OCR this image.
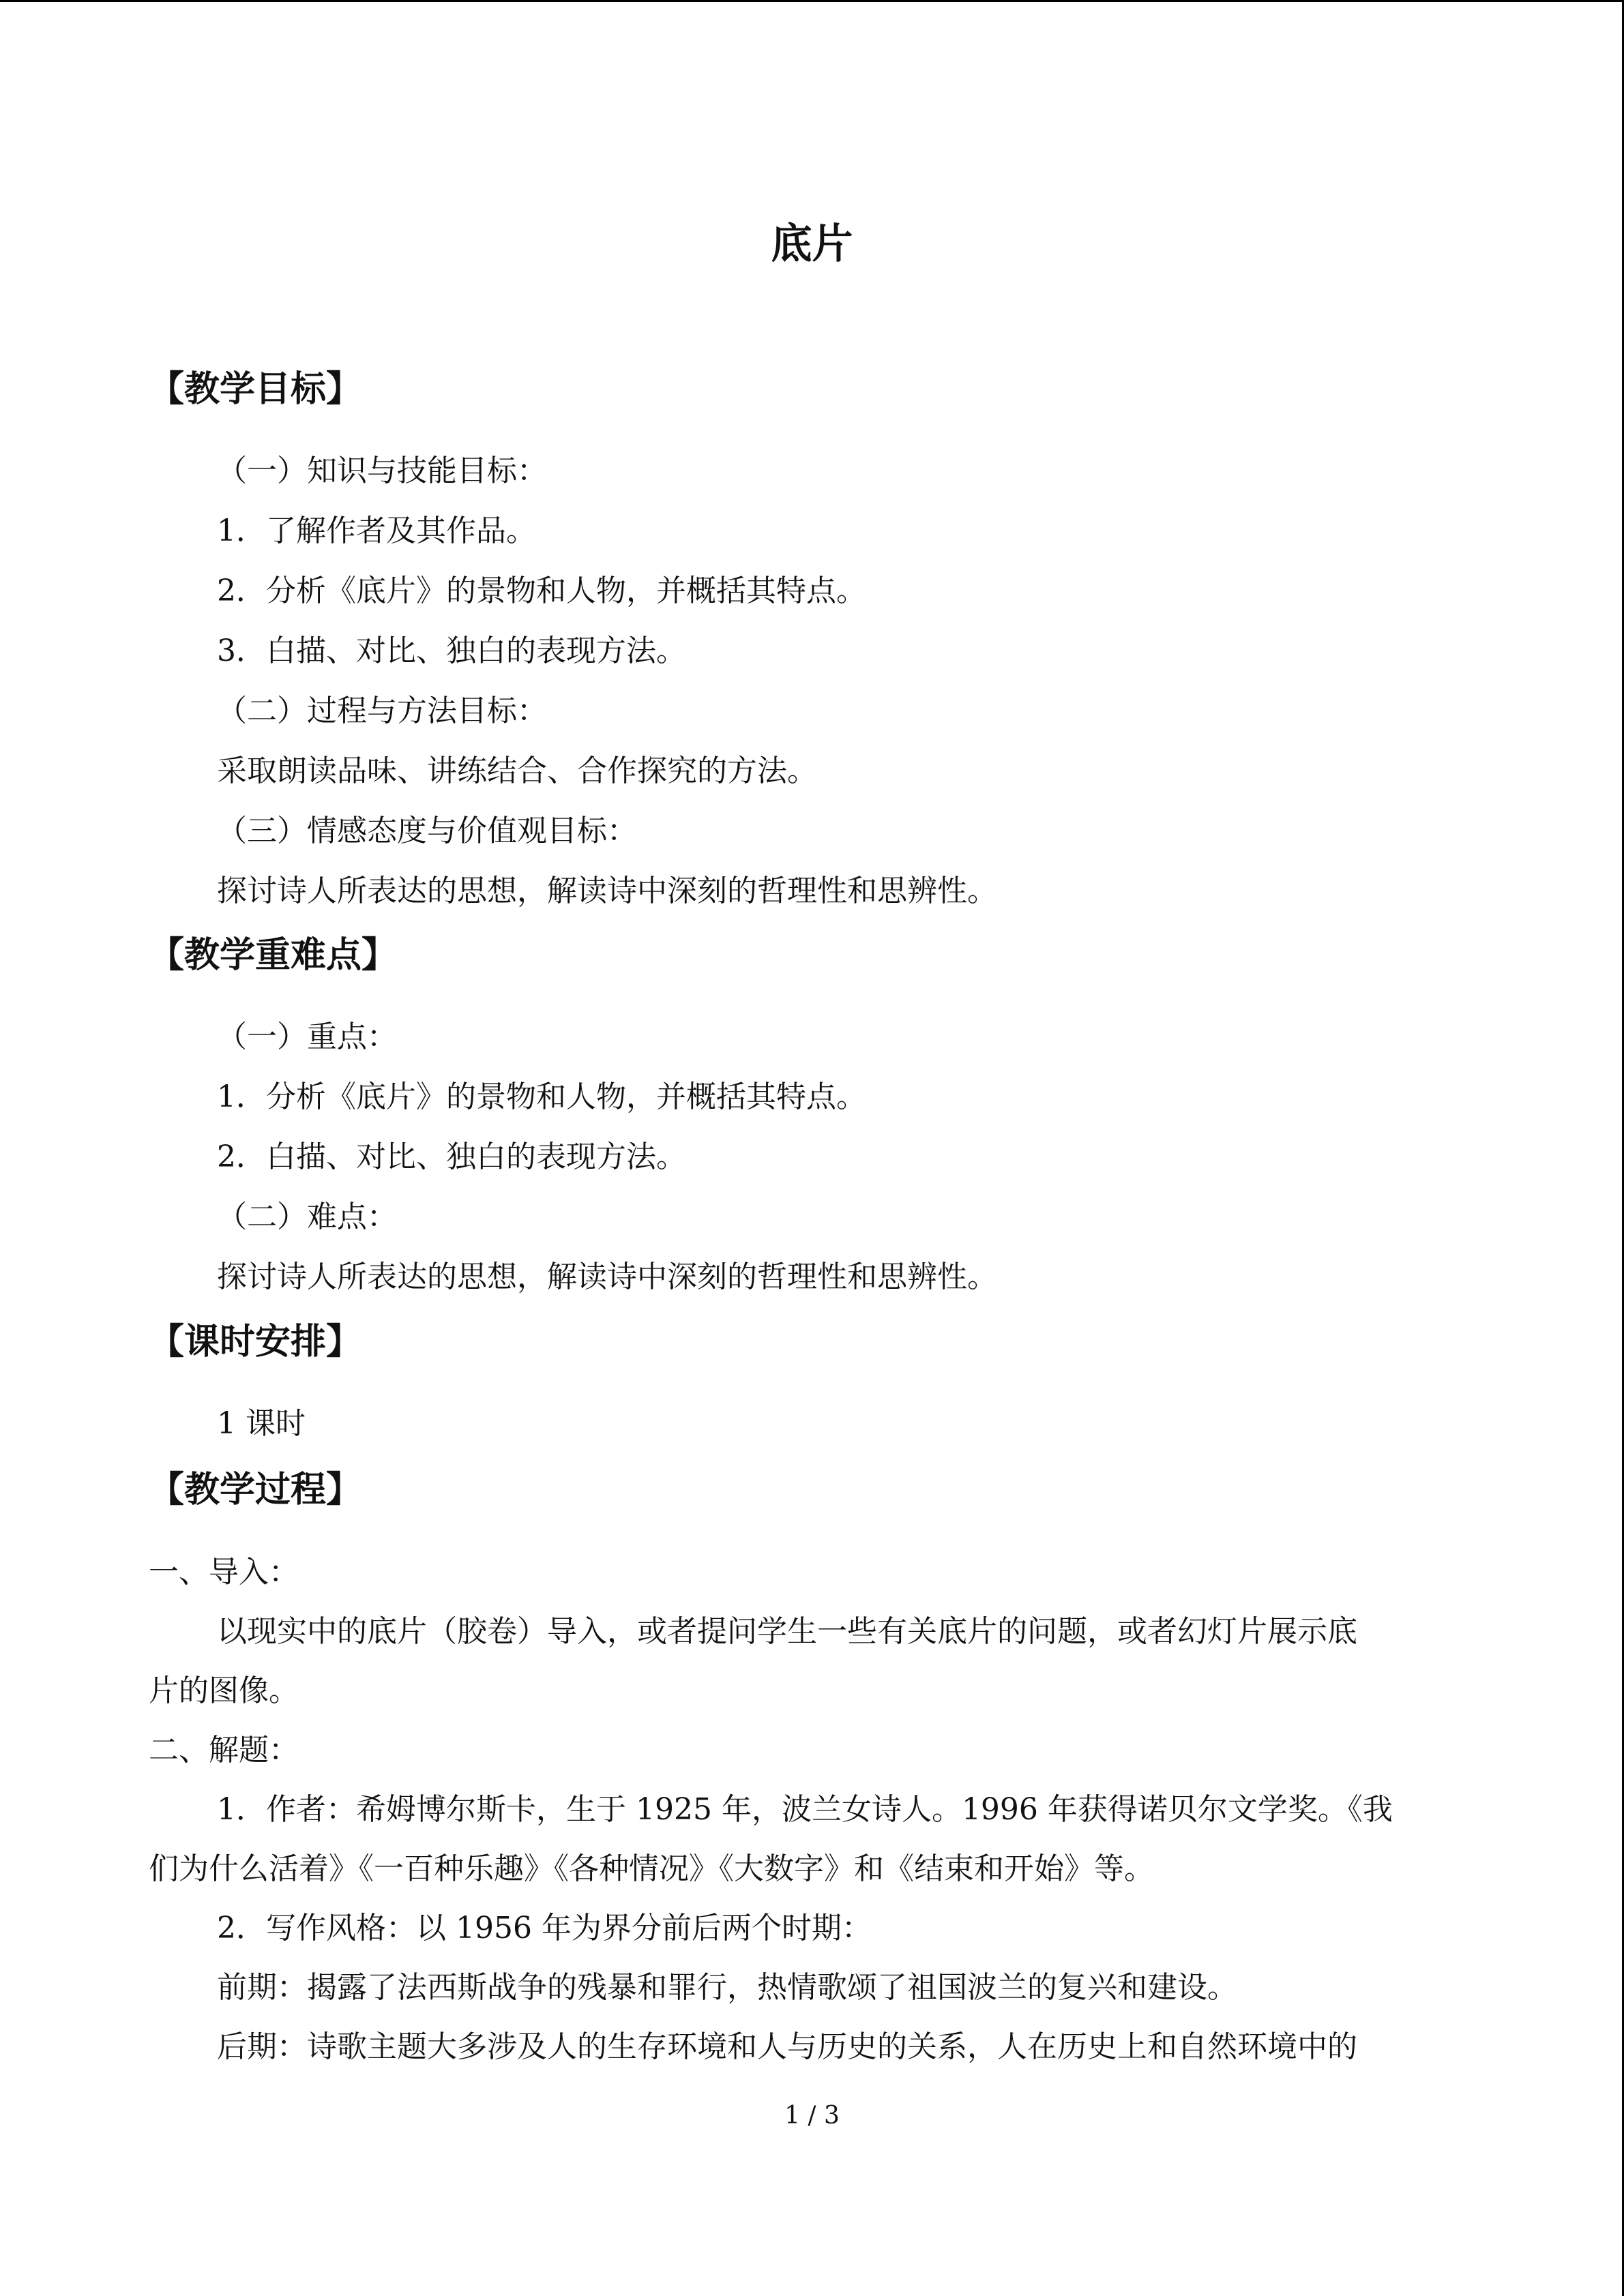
底片
【教学目标】
（一）知识与技能目标：
1．了解作者及其作品。
2．分析《底片》的景物和人物，并概括其特点。
3．白描、对比、独白的表现方法。
（二）过程与方法目标：
采取朗读品味、讲练结合、合作探究的方法。
（三）情感态度与价值观目标：
探讨诗人所表达的思想，解读诗中深刻的哲理性和思辨性。
【教学重难点】
（一）重点：
1．分析《底片》的景物和人物，并概括其特点。
2．白描、对比、独白的表现方法。
（二）难点：
探讨诗人所表达的思想，解读诗中深刻的哲理性和思辨性。
【课时安排】
1 课时
【教学过程】
一、导入：
以现实中的底片（胶卷）导入，或者提问学生一些有关底片的问题，或者幻灯片展示底
片的图像。
二、解题：
1．作者：希姆博尔斯卡，生于 1925 年，波兰女诗人。1996 年获得诺贝尔文学奖。《我
们为什么活着》《一百种乐趣》《各种情况》《大数字》和《结束和开始》等。
2．写作风格：以 1956 年为界分前后两个时期：
前期：揭露了法西斯战争的残暴和罪行，热情歌颂了祖国波兰的复兴和建设。
后期：诗歌主题大多涉及人的生存环境和人与历史的关系，人在历史上和自然环境中的
1 / 3
